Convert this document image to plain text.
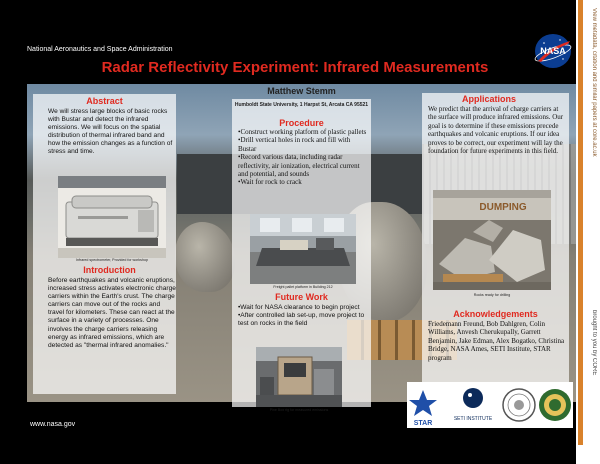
View metadata, citation and similar papers at core.ac.uk
brought to you by CORE
National Aeronautics and Space Administration	NASA
Radar Reflectivity Experiment: Infrared Measurements
Abstract
We will stress large blocks of basic rocks with Bustar and detect the infrared emissions. We will focus on the spatial distribution of thermal infrared band and how the emission changes as a function of stress and time.
Infrared spectrometer, Provided for workshop
Introduction
Before earthquakes and volcanic eruptions, increased stress activates electronic charge carriers within the Earth's crust. The charge carriers can move out of the rocks and travel for kilometers. These can react at the surface in a variety of processes. One involves the charge carriers releasing energy as infrared emissions, which are detected as "thermal infrared anomalies."
Matthew Stemm
Humboldt State University, 1 Harpst St, Arcata CA 95521
Procedure
•Construct working platform of plastic pallets
•Drill vertical holes in rock and fill with Bustar
•Record various data, including radar reflectivity, air ionization, electrical current and potential, and sounds
•Wait for rock to crack
Freight pallet platform in Building 212
Future Work
•Wait for NASA clearance to begin project
•After controlled lab set-up, move project to test on rocks in the field
Pine Box rig for measured emissions
Applications
We predict that the arrival of charge carriers at the surface will produce infrared emissions. Our goal is to determine if these emissions precede earthquakes and volcanic eruptions. If our idea proves to be correct, our experiment will lay the foundation for future experiments in this field.
DUMPING
Rocks ready for drilling
Acknowledgements
Friedemann Freund, Bob Dahlgren, Colin Williams, Anvesh Cherukupally, Garrett Benjamin, Jake Edman, Alex Bogatko, Christina Bridge, NASA Ames, SETI Institute, STAR program
STAR
SETI INSTITUTE
www.nasa.gov
